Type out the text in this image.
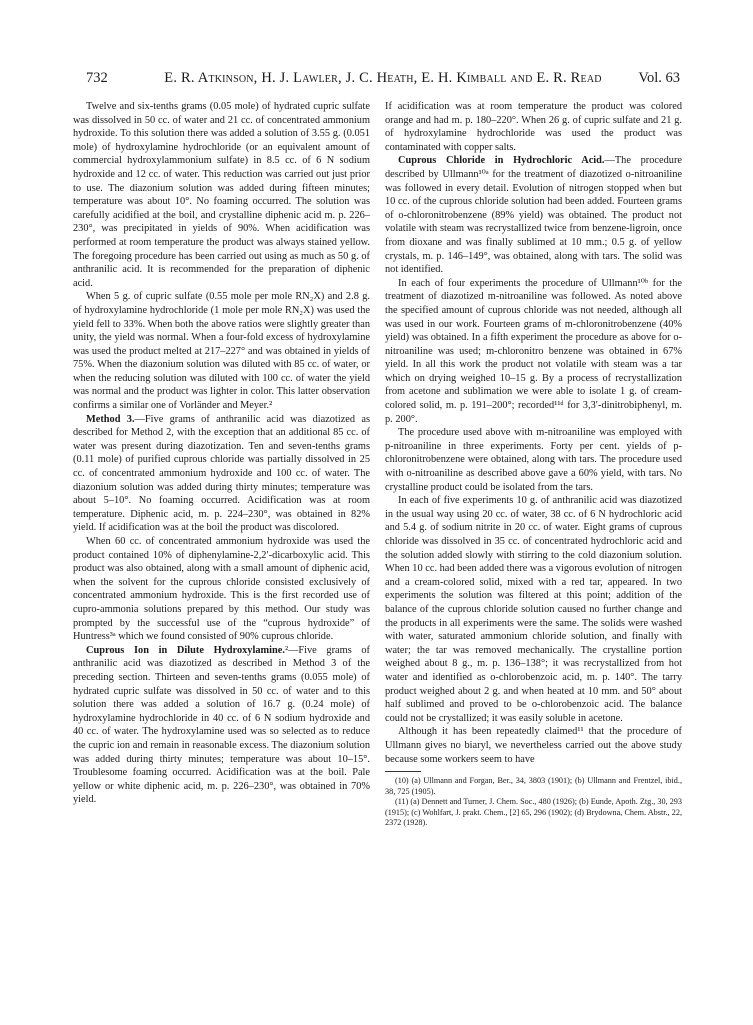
732	E. R. Atkinson, H. J. Lawler, J. C. Heath, E. H. Kimball and E. R. Read	Vol. 63

Twelve and six-tenths grams (0.05 mole) of hydrated cupric sulfate was dissolved in 50 cc. of water and 21 cc. of concentrated ammonium hydroxide. To this solution there was added a solution of 3.55 g. (0.051 mole) of hydroxylamine hydrochloride (or an equivalent amount of commercial hydroxylammonium sulfate) in 8.5 cc. of 6 N sodium hydroxide and 12 cc. of water. This reduction was carried out just prior to use. The diazonium solution was added during fifteen minutes; temperature was about 10°. No foaming occurred. The solution was carefully acidified at the boil, and crystalline diphenic acid m. p. 226–230°, was precipitated in yields of 90%. When acidification was performed at room temperature the product was always stained yellow. The foregoing procedure has been carried out using as much as 50 g. of anthranilic acid. It is recommended for the preparation of diphenic acid.

When 5 g. of cupric sulfate (0.55 mole per mole RN₂X) and 2.8 g. of hydroxylamine hydrochloride (1 mole per mole RN₂X) was used the yield fell to 33%. When both the above ratios were slightly greater than unity, the yield was normal. When a four-fold excess of hydroxylamine was used the product melted at 217–227° and was obtained in yields of 75%. When the diazonium solution was diluted with 85 cc. of water, or when the reducing solution was diluted with 100 cc. of water the yield was normal and the product was lighter in color. This latter observation confirms a similar one of Vorländer and Meyer.²

Method 3.—Five grams of anthranilic acid was diazotized as described for Method 2, with the exception that an additional 85 cc. of water was present during diazotization. Ten and seven-tenths grams (0.11 mole) of purified cuprous chloride was partially dissolved in 25 cc. of concentrated ammonium hydroxide and 100 cc. of water. The diazonium solution was added during thirty minutes; temperature was about 5–10°. No foaming occurred. Acidification was at room temperature. Diphenic acid, m. p. 224–230°, was obtained in 82% yield. If acidification was at the boil the product was discolored.

When 60 cc. of concentrated ammonium hydroxide was used the product contained 10% of diphenylamine-2,2′-dicarboxylic acid. This product was also obtained, along with a small amount of diphenic acid, when the solvent for the cuprous chloride consisted exclusively of concentrated ammonium hydroxide. This is the first recorded use of cupro-ammonia solutions prepared by this method. Our study was prompted by the successful use of the “cuprous hydroxide” of Huntress³ᵃ which we found consisted of 90% cuprous chloride.

Cuprous Ion in Dilute Hydroxylamine.²—Five grams of anthranilic acid was diazotized as described in Method 3 of the preceding section. Thirteen and seven-tenths grams (0.055 mole) of hydrated cupric sulfate was dissolved in 50 cc. of water and to this solution there was added a solution of 16.7 g. (0.24 mole) of hydroxylamine hydrochloride in 40 cc. of 6 N sodium hydroxide and 40 cc. of water. The hydroxylamine used was so selected as to reduce the cupric ion and remain in reasonable excess. The diazonium solution was added during thirty minutes; temperature was about 10–15°. Troublesome foaming occurred. Acidification was at the boil. Pale yellow or white diphenic acid, m. p. 226–230°, was obtained in 70% yield.

If acidification was at room temperature the product was colored orange and had m. p. 180–220°. When 26 g. of cupric sulfate and 21 g. of hydroxylamine hydrochloride was used the product was contaminated with copper salts.

Cuprous Chloride in Hydrochloric Acid.—The procedure described by Ullmann¹⁰ᵃ for the treatment of diazotized o-nitroaniline was followed in every detail. Evolution of nitrogen stopped when but 10 cc. of the cuprous chloride solution had been added. Fourteen grams of o-chloronitrobenzene (89% yield) was obtained. The product not volatile with steam was recrystallized twice from benzene-ligroin, once from dioxane and was finally sublimed at 10 mm.; 0.5 g. of yellow crystals, m. p. 146–149°, was obtained, along with tars. The solid was not identified.

In each of four experiments the procedure of Ullmann¹⁰ᵇ for the treatment of diazotized m-nitroaniline was followed. As noted above the specified amount of cuprous chloride was not needed, although all was used in our work. Fourteen grams of m-chloronitrobenzene (40% yield) was obtained. In a fifth experiment the procedure as above for o-nitroaniline was used; m-chloronitro benzene was obtained in 67% yield. In all this work the product not volatile with steam was a tar which on drying weighed 10–15 g. By a process of recrystallization from acetone and sublimation we were able to isolate 1 g. of cream-colored solid, m. p. 191–200°; recorded¹¹ᵈ for 3,3′-dinitrobiphenyl, m. p. 200°.

The procedure used above with m-nitroaniline was employed with p-nitroaniline in three experiments. Forty per cent. yields of p-chloronitrobenzene were obtained, along with tars. The procedure used with o-nitroaniline as described above gave a 60% yield, with tars. No crystalline product could be isolated from the tars.

In each of five experiments 10 g. of anthranilic acid was diazotized in the usual way using 20 cc. of water, 38 cc. of 6 N hydrochloric acid and 5.4 g. of sodium nitrite in 20 cc. of water. Eight grams of cuprous chloride was dissolved in 35 cc. of concentrated hydrochloric acid and the solution added slowly with stirring to the cold diazonium solution. When 10 cc. had been added there was a vigorous evolution of nitrogen and a cream-colored solid, mixed with a red tar, appeared. In two experiments the solution was filtered at this point; addition of the balance of the cuprous chloride solution caused no further change and the products in all experiments were the same. The solids were washed with water, saturated ammonium chloride solution, and finally with water; the tar was removed mechanically. The crystalline portion weighed about 8 g., m. p. 136–138°; it was recrystallized from hot water and identified as o-chlorobenzoic acid, m. p. 140°. The tarry product weighed about 2 g. and when heated at 10 mm. and 50° about half sublimed and proved to be o-chlorobenzoic acid. The balance could not be crystallized; it was easily soluble in acetone.

Although it has been repeatedly claimed¹¹ that the procedure of Ullmann gives no biaryl, we nevertheless carried out the above study because some workers seem to have

(10) (a) Ullmann and Forgan, Ber., 34, 3803 (1901); (b) Ullmann and Frentzel, ibid., 38, 725 (1905).

(11) (a) Dennett and Turner, J. Chem. Soc., 480 (1926); (b) Eunde, Apoth. Ztg., 30, 293 (1915); (c) Wohlfart, J. prakt. Chem., [2] 65, 296 (1902); (d) Brydowna, Chem. Abstr., 22, 2372 (1928).
